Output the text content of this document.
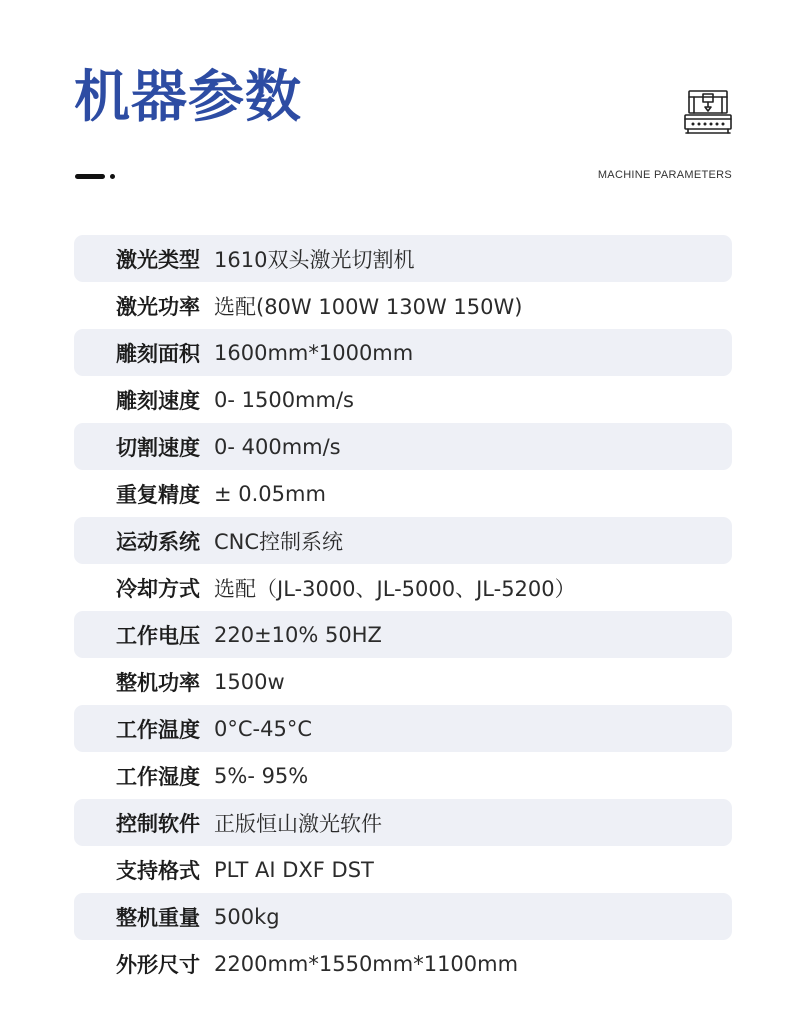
机器参数
MACHINE PARAMETERS
激光类型 1610双头激光切割机
激光功率 选配(80W 100W 130W 150W)
雕刻面积 1600mm*1000mm
雕刻速度 0- 1500mm/s
切割速度 0- 400mm/s
重复精度 ± 0.05mm
运动系统 CNC控制系统
冷却方式 选配（JL-3000、JL-5000、JL-5200）
工作电压 220±10% 50HZ
整机功率 1500w
工作温度 0°C-45°C
工作湿度 5%- 95%
控制软件 正版恒山激光软件
支持格式 PLT AI DXF DST
整机重量 500kg
外形尺寸 2200mm*1550mm*1100mm
